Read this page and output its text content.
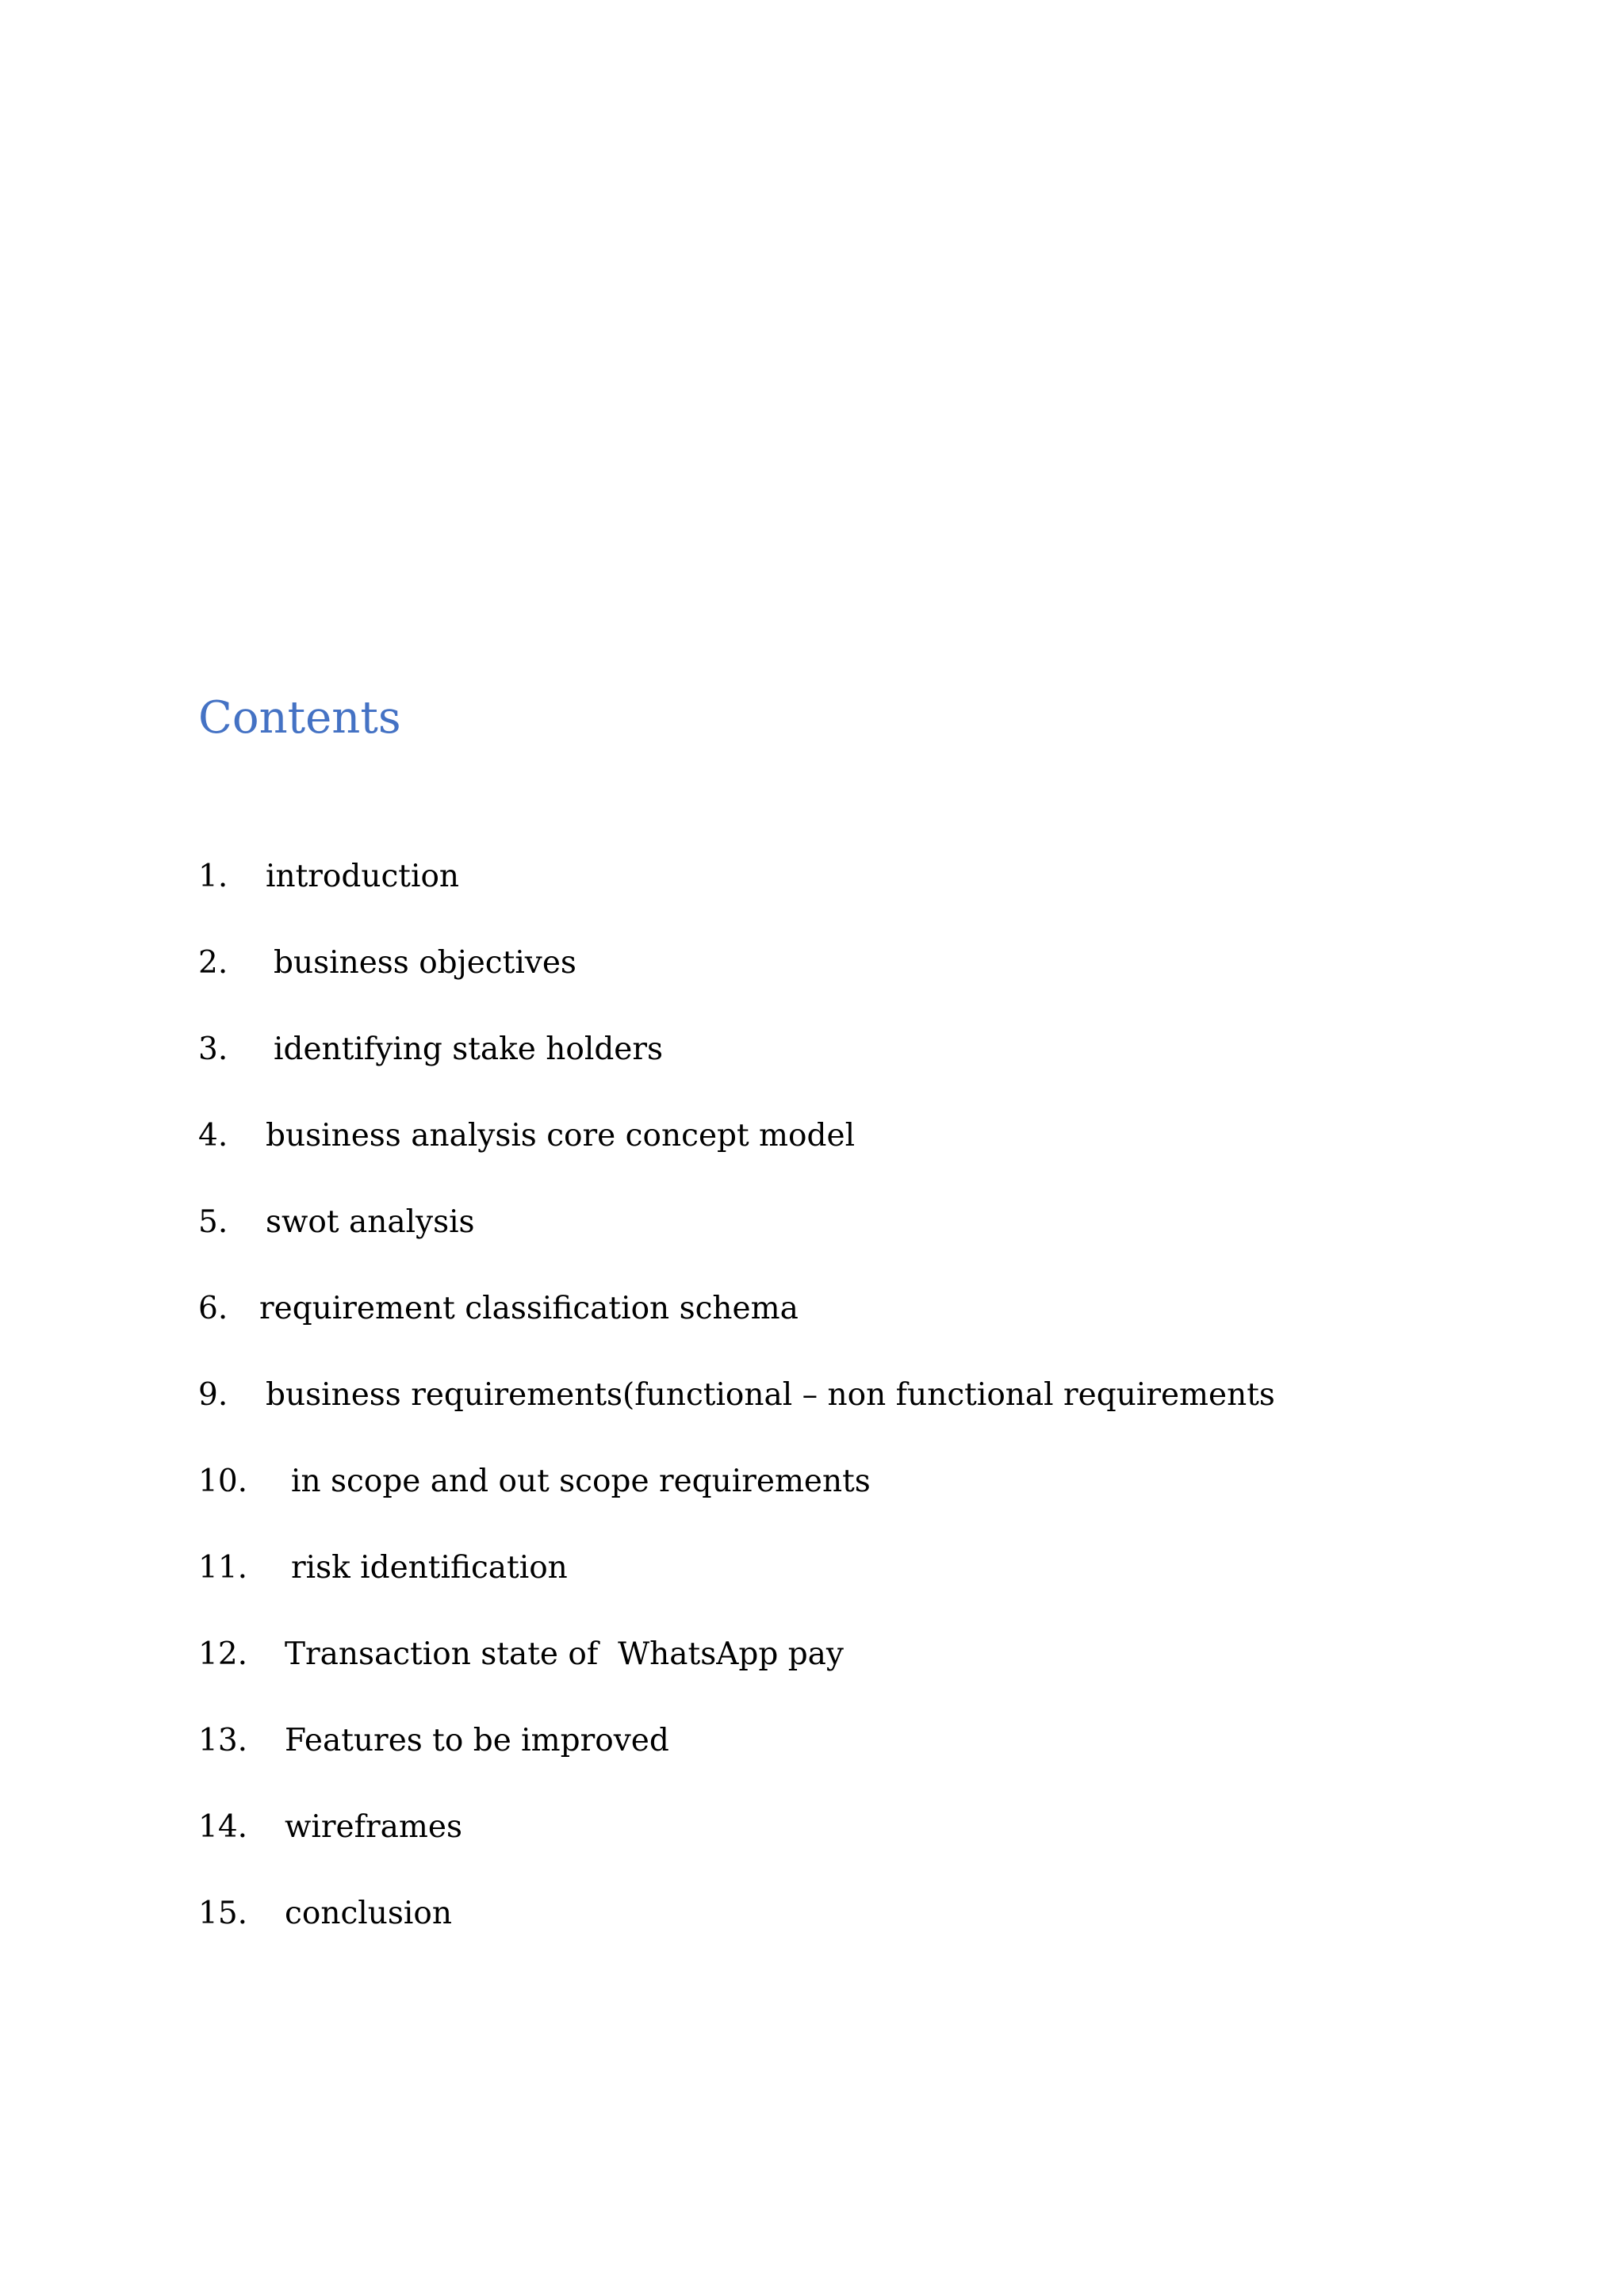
Contents
1. introduction
2. business objectives
3. identifying stake holders
4. business analysis core concept model
5. swot analysis
6. requirement classification schema
9. business requirements(functional – non functional requirements
10. in scope and out scope requirements
11. risk identification
12. Transaction state of  WhatsApp pay
13. Features to be improved
14. wireframes
15. conclusion
